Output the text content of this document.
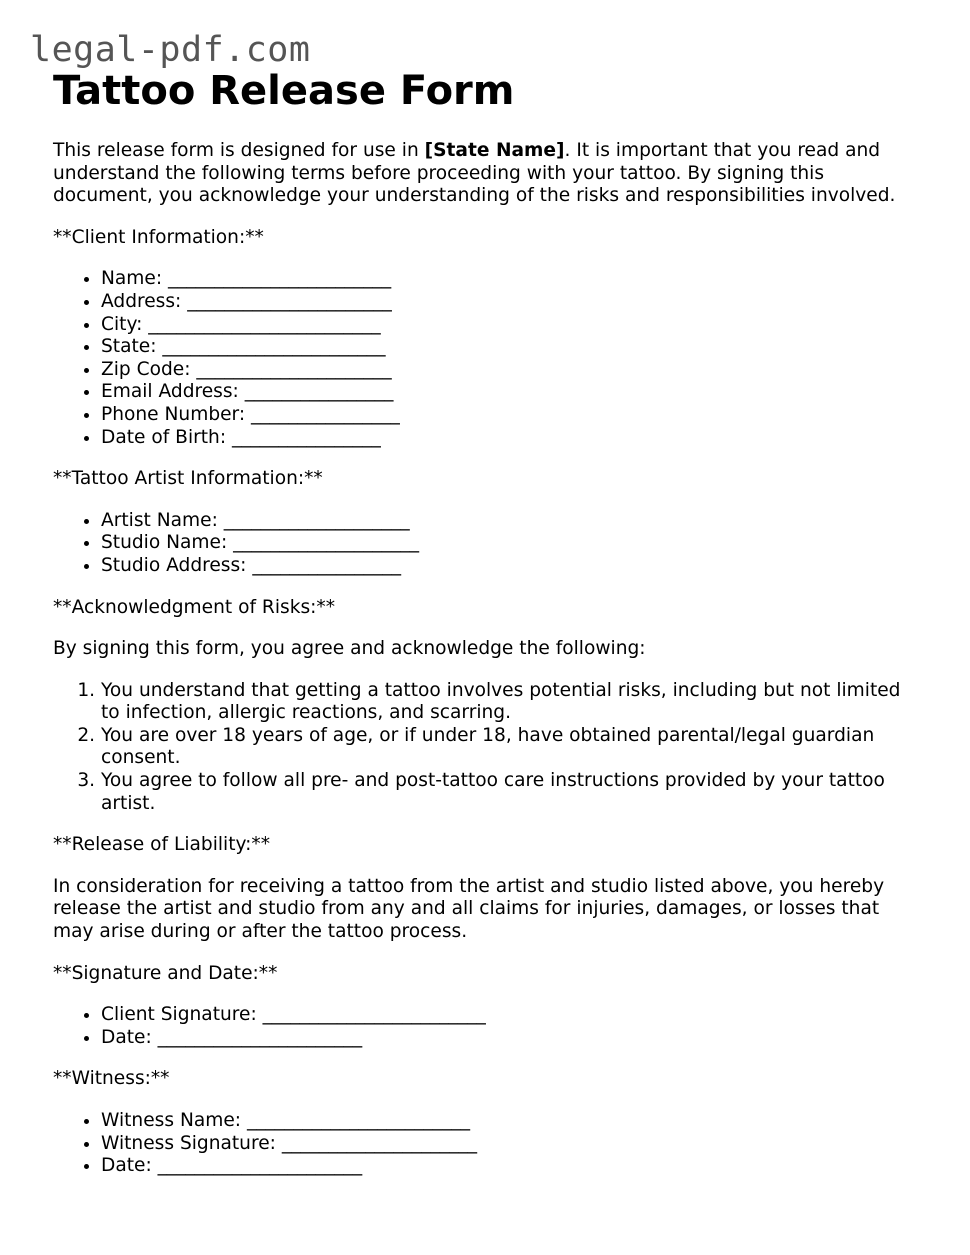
legal-pdf.com
Tattoo Release Form

This release form is designed for use in [State Name]. It is important that you read and understand the following terms before proceeding with your tattoo. By signing this document, you acknowledge your understanding of the risks and responsibilities involved.

**Client Information:**

• Name: ________________________
• Address: ______________________
• City: _________________________
• State: ________________________
• Zip Code: _____________________
• Email Address: ________________
• Phone Number: ________________
• Date of Birth: ________________

**Tattoo Artist Information:**

• Artist Name: ____________________
• Studio Name: ____________________
• Studio Address: ________________

**Acknowledgment of Risks:**

By signing this form, you agree and acknowledge the following:

1. You understand that getting a tattoo involves potential risks, including but not limited to infection, allergic reactions, and scarring.
2. You are over 18 years of age, or if under 18, have obtained parental/legal guardian consent.
3. You agree to follow all pre- and post-tattoo care instructions provided by your tattoo artist.

**Release of Liability:**

In consideration for receiving a tattoo from the artist and studio listed above, you hereby release the artist and studio from any and all claims for injuries, damages, or losses that may arise during or after the tattoo process.

**Signature and Date:**

• Client Signature: ________________________
• Date: ______________________

**Witness:**

• Witness Name: ________________________
• Witness Signature: _____________________
• Date: ______________________
